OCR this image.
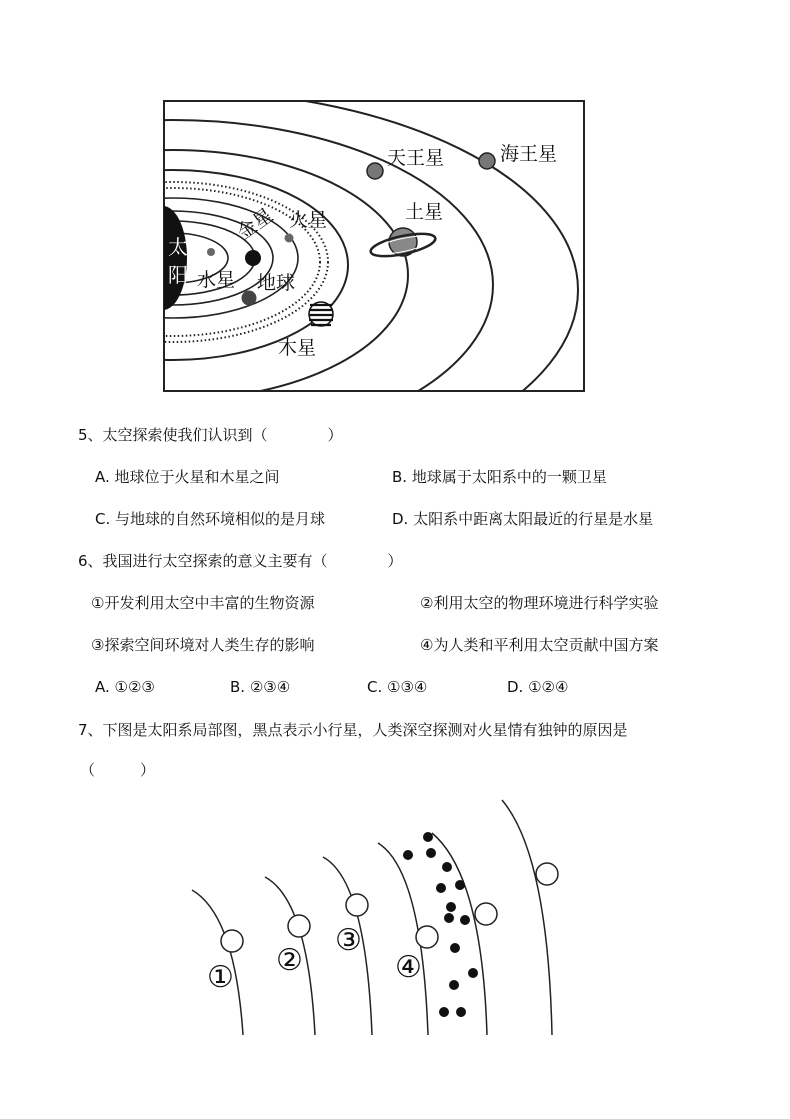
太
阳 水星
金星
地球
火星
木星
土星
天王星	海王星
5、太空探索使我们认识到（　　　　）
A. 地球位于火星和木星之间	B. 地球属于太阳系中的一颗卫星
C. 与地球的自然环境相似的是月球	D. 太阳系中距离太阳最近的行星是水星
6、我国进行太空探索的意义主要有（　　　　）
①开发利用太空中丰富的生物资源	②利用太空的物理环境进行科学实验
③探索空间环境对人类生存的影响	④为人类和平利用太空贡献中国方案
A. ①②③	B. ②③④	C. ①③④	D. ①②④
7、下图是太阳系局部图，黑点表示小行星，人类深空探测对火星情有独钟的原因是
（　　　）
① ②
③
④
